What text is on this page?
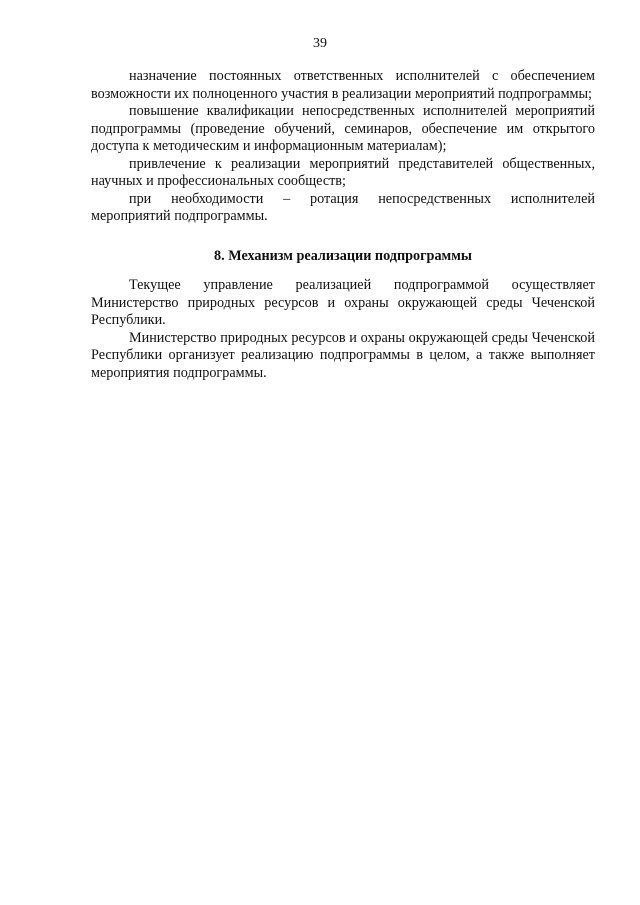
39

назначение постоянных ответственных исполнителей с обеспечением возможности их полноценного участия в реализации мероприятий подпрограммы;

повышение квалификации непосредственных исполнителей мероприятий подпрограммы (проведение обучений, семинаров, обеспечение им открытого доступа к методическим и информационным материалам);

привлечение к реализации мероприятий представителей общественных, научных и профессиональных сообществ;

при необходимости – ротация непосредственных исполнителей мероприятий подпрограммы.

8. Механизм реализации подпрограммы

Текущее управление реализацией подпрограммой осуществляет Министерство природных ресурсов и охраны окружающей среды Чеченской Республики.

Министерство природных ресурсов и охраны окружающей среды Чеченской Республики организует реализацию подпрограммы в целом, а также выполняет мероприятия подпрограммы.
